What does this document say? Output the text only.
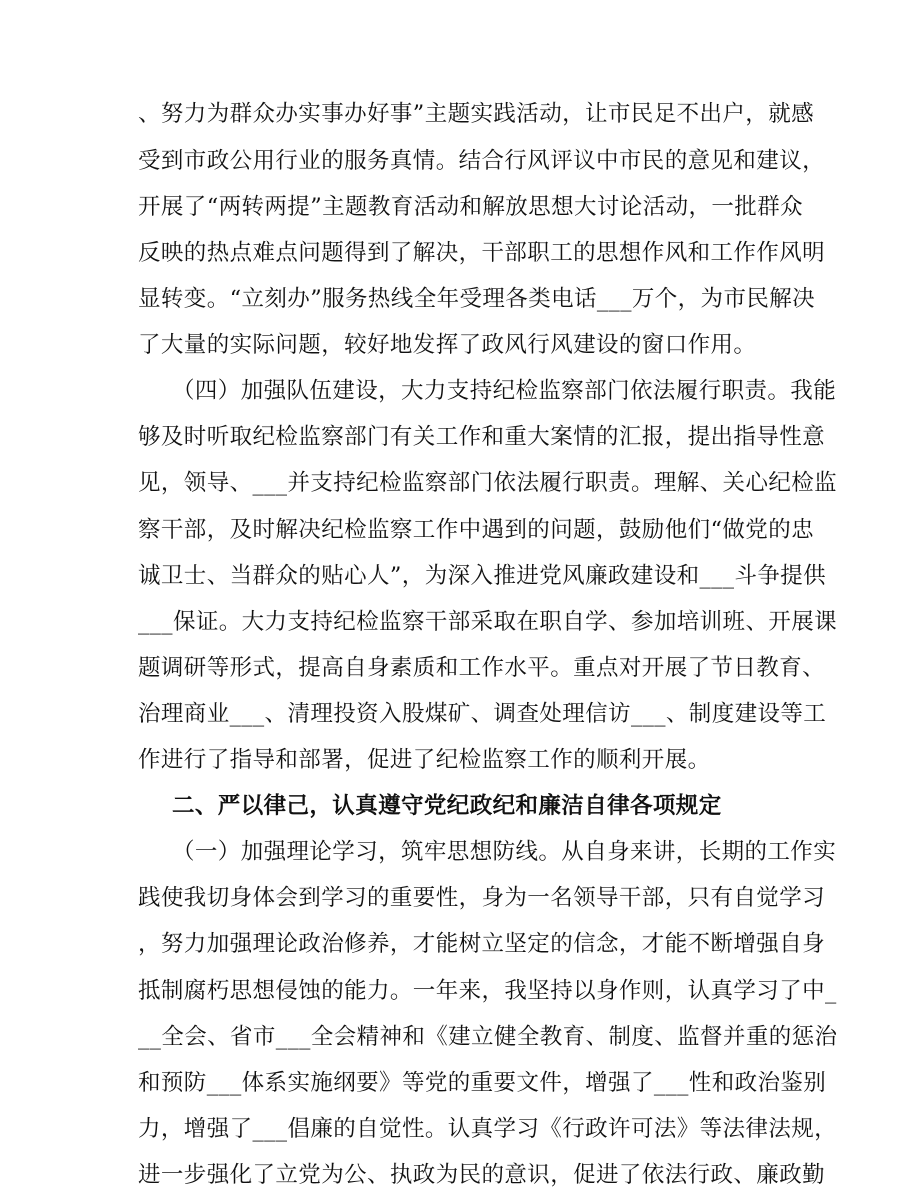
、努力为群众办实事办好事”主题实践活动，让市民足不出户，就感
受到市政公用行业的服务真情。结合行风评议中市民的意见和建议，
开展了“两转两提”主题教育活动和解放思想大讨论活动，一批群众
反映的热点难点问题得到了解决，干部职工的思想作风和工作作风明
显转变。“立刻办”服务热线全年受理各类电话___万个，为市民解决
了大量的实际问题，较好地发挥了政风行风建设的窗口作用。
（四）加强队伍建设，大力支持纪检监察部门依法履行职责。我能
够及时听取纪检监察部门有关工作和重大案情的汇报，提出指导性意
见，领导、___并支持纪检监察部门依法履行职责。理解、关心纪检监
察干部，及时解决纪检监察工作中遇到的问题，鼓励他们“做党的忠
诚卫士、当群众的贴心人”，为深入推进党风廉政建设和___斗争提供
___保证。大力支持纪检监察干部采取在职自学、参加培训班、开展课
题调研等形式，提高自身素质和工作水平。重点对开展了节日教育、
治理商业___、清理投资入股煤矿、调查处理信访___、制度建设等工
作进行了指导和部署，促进了纪检监察工作的顺利开展。
二、严以律己，认真遵守党纪政纪和廉洁自律各项规定
（一）加强理论学习，筑牢思想防线。从自身来讲，长期的工作实
践使我切身体会到学习的重要性，身为一名领导干部，只有自觉学习
，努力加强理论政治修养，才能树立坚定的信念，才能不断增强自身
抵制腐朽思想侵蚀的能力。一年来，我坚持以身作则，认真学习了中_
__全会、省市___全会精神和《建立健全教育、制度、监督并重的惩治
和预防___体系实施纲要》等党的重要文件，增强了___性和政治鉴别
力，增强了___倡廉的自觉性。认真学习《行政许可法》等法律法规，
进一步强化了立党为公、执政为民的意识，促进了依法行政、廉政勤
